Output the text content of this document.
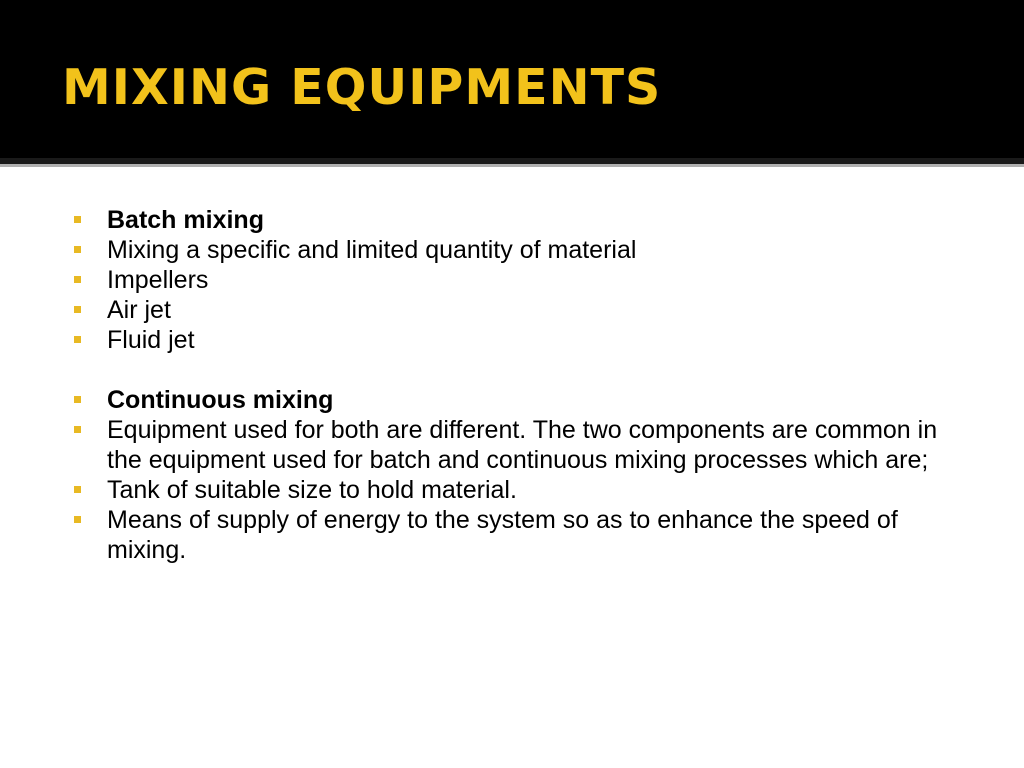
MIXING EQUIPMENTS
Batch mixing
Mixing a specific and limited quantity of material
Impellers
Air jet
Fluid jet
Continuous mixing
Equipment used for both are different. The two components are common in the equipment used for batch and continuous mixing processes which are;
Tank of suitable size to hold material.
Means of supply of energy to the system so as to enhance the speed of mixing.
